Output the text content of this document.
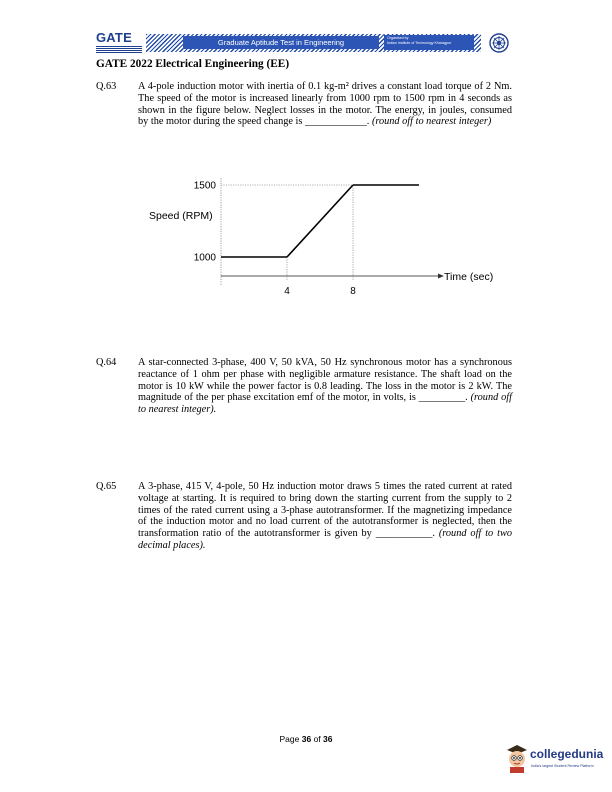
GATE	Graduate Aptitude Test in Engineering	Organised by
Indian Institute of Technology Kharagpur
GATE 2022 Electrical Engineering (EE)
Q.63	A 4-pole induction motor with inertia of 0.1 kg-m² drives a constant load torque of 2 Nm. The speed of the motor is increased linearly from 1000 rpm to 1500 rpm in 4 seconds as shown in the figure below. Neglect losses in the motor. The energy, in joules, consumed by the motor during the speed change is ____________. (round off to nearest integer)
1000
1500
4	8
Speed (RPM)
Time (sec)
Q.64	A star-connected 3-phase, 400 V, 50 kVA, 50 Hz synchronous motor has a synchronous reactance of 1 ohm per phase with negligible armature resistance. The shaft load on the motor is 10 kW while the power factor is 0.8 leading. The loss in the motor is 2 kW. The magnitude of the per phase excitation emf of the motor, in volts, is _________. (round off to nearest integer).
Q.65	A 3-phase, 415 V, 4-pole, 50 Hz induction motor draws 5 times the rated current at rated voltage at starting. It is required to bring down the starting current from the supply to 2 times of the rated current using a 3-phase autotransformer. If the magnetizing impedance of the induction motor and no load current of the autotransformer is neglected, then the transformation ratio of the autotransformer is given by ___________. (round off to two decimal places).
Page 36 of 36
collegedunia
India's largest Student Review Platform
